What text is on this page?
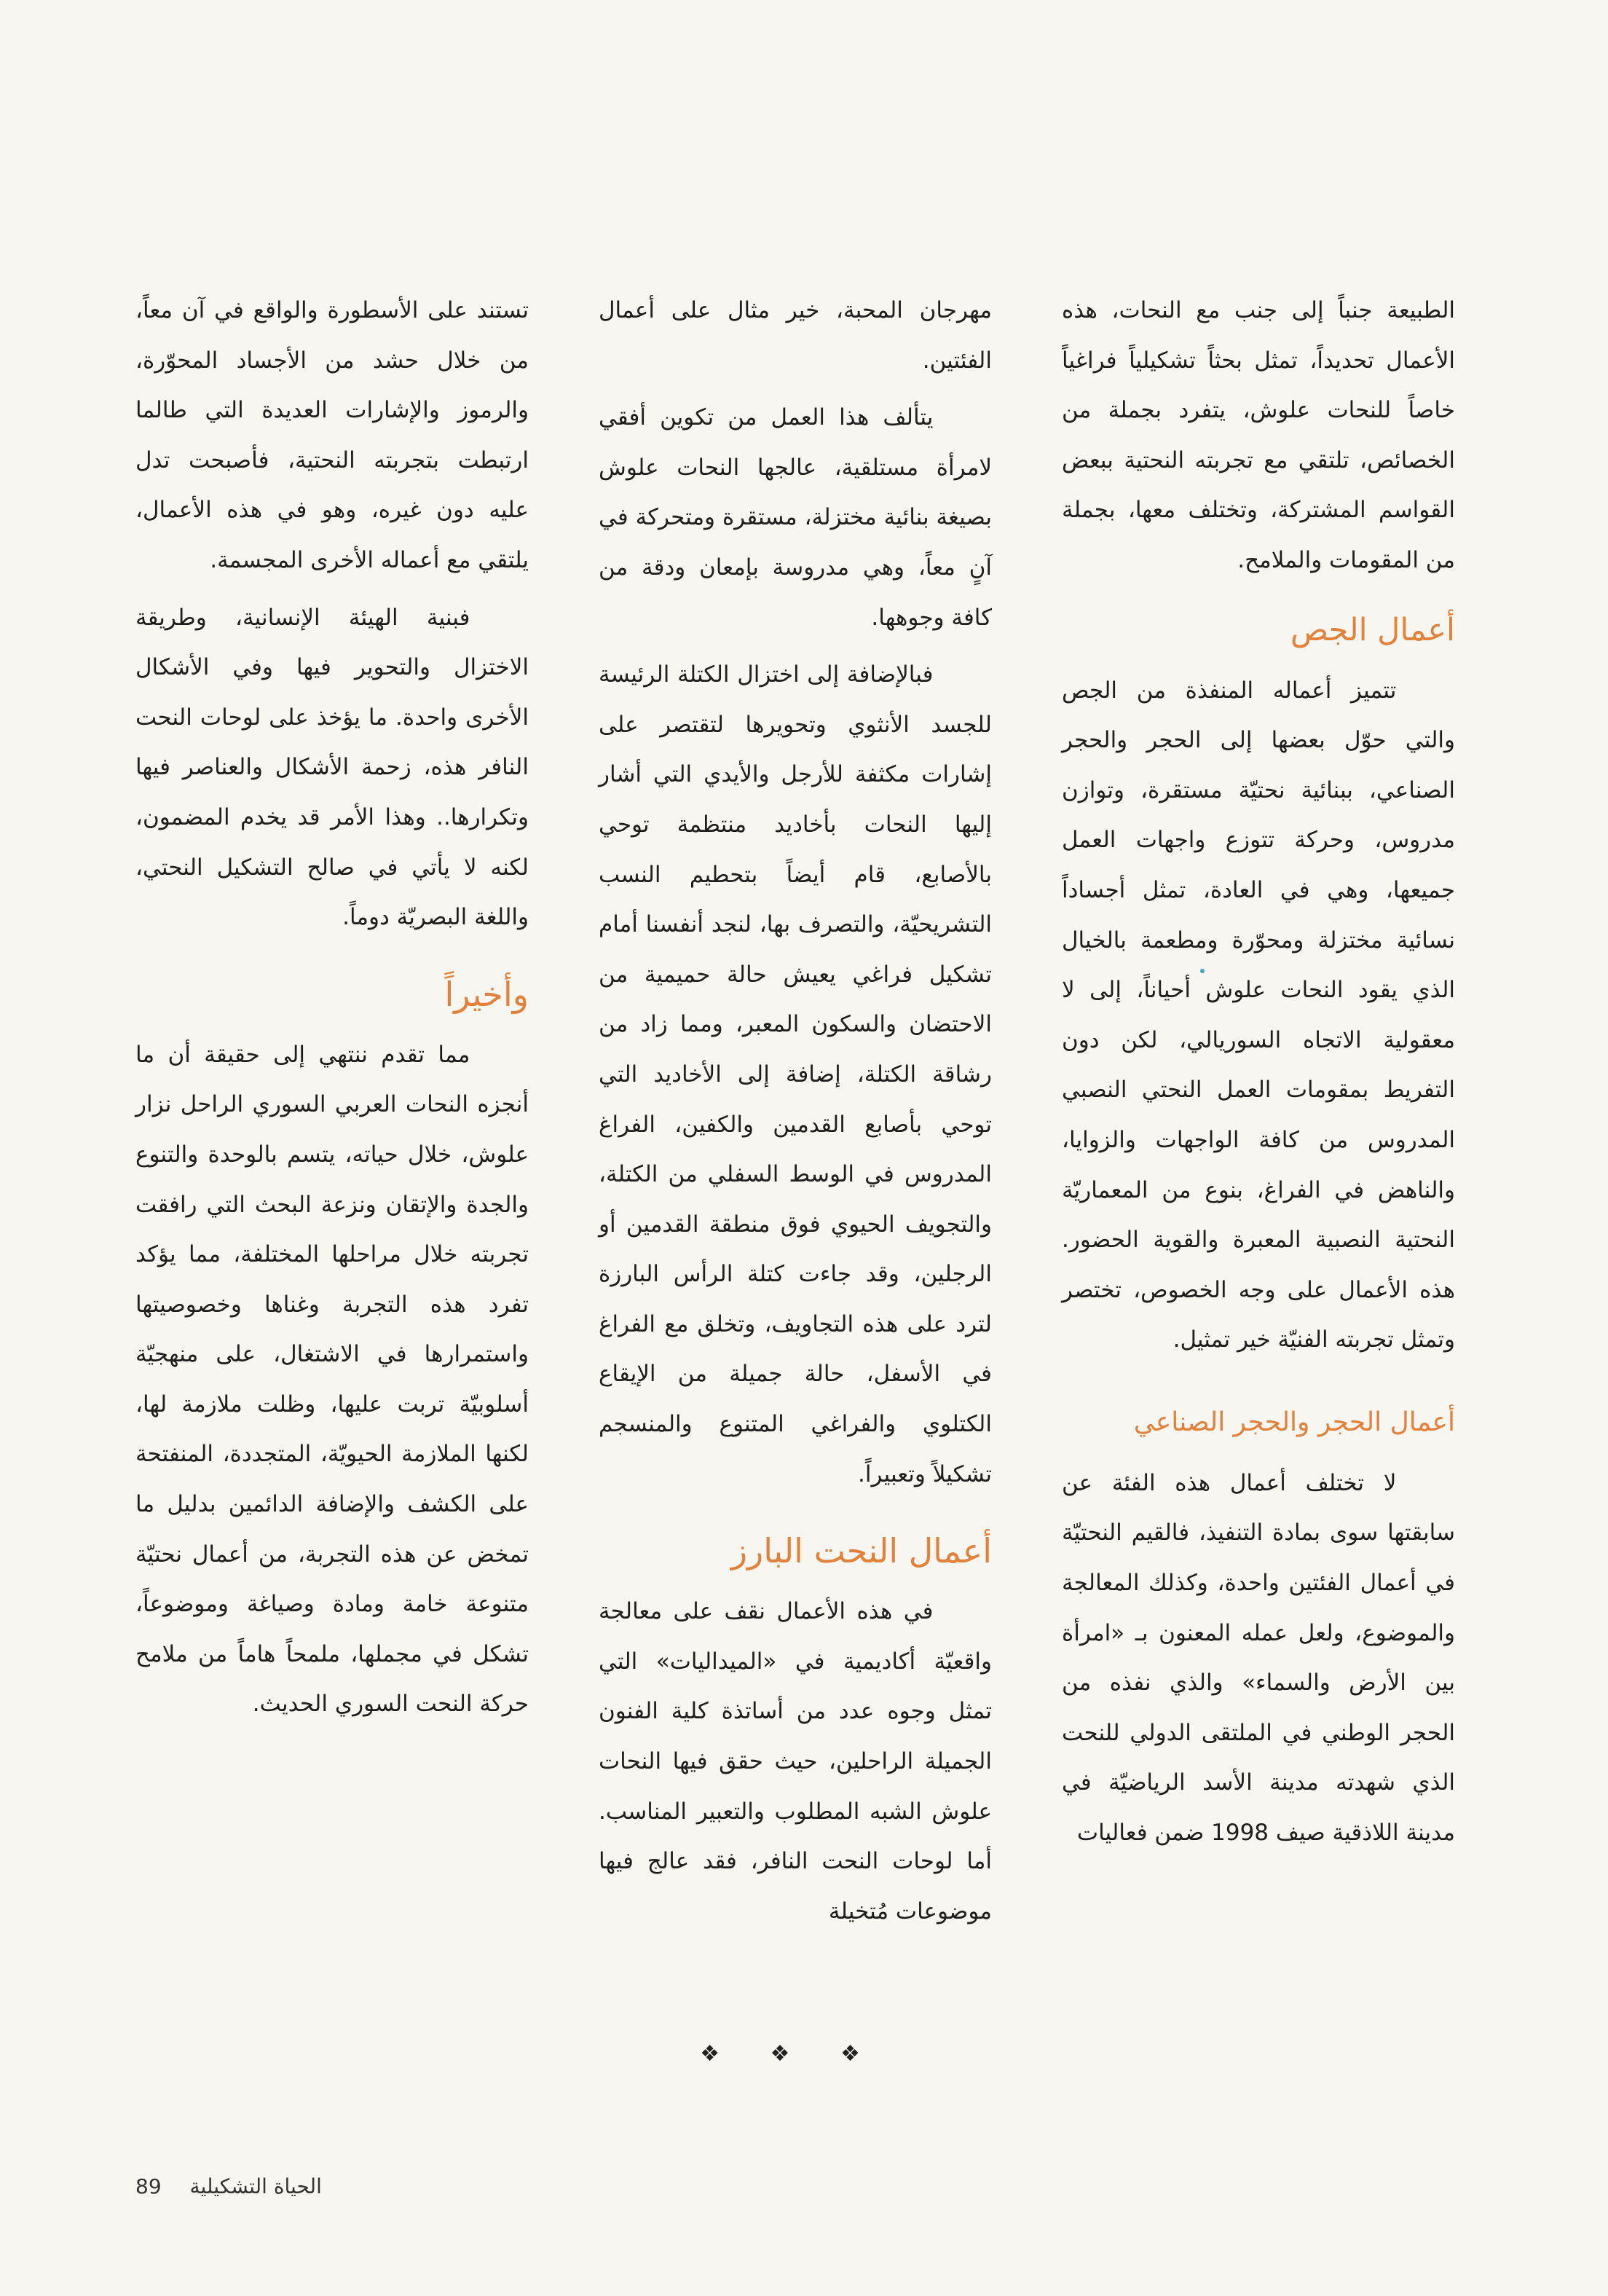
الطبيعة جنباً إلى جنب مع النحات، هذه الأعمال تحديداً، تمثل بحثاً تشكيلياً فراغياً خاصاً للنحات علوش، يتفرد بجملة من الخصائص، تلتقي مع تجربته النحتية ببعض القواسم المشتركة، وتختلف معها، بجملة من المقومات والملامح.

أعمال الجص

تتميز أعماله المنفذة من الجص والتي حوّل بعضها إلى الحجر والحجر الصناعي، ببنائية نحتيّة مستقرة، وتوازن مدروس، وحركة تتوزع واجهات العمل جميعها، وهي في العادة، تمثل أجساداً نسائية مختزلة ومحوّرة ومطعمة بالخيال الذي يقود النحات علوش أحياناً، إلى لا معقولية الاتجاه السوريالي، لكن دون التفريط بمقومات العمل النحتي النصبي المدروس من كافة الواجهات والزوايا، والناهض في الفراغ، بنوع من المعماريّة النحتية النصبية المعبرة والقوية الحضور. هذه الأعمال على وجه الخصوص، تختصر وتمثل تجربته الفنيّة خير تمثيل.

أعمال الحجر والحجر الصناعي

لا تختلف أعمال هذه الفئة عن سابقتها سوى بمادة التنفيذ، فالقيم النحتيّة في أعمال الفئتين واحدة، وكذلك المعالجة والموضوع، ولعل عمله المعنون بـ «امرأة بين الأرض والسماء» والذي نفذه من الحجر الوطني في الملتقى الدولي للنحت الذي شهدته مدينة الأسد الرياضيّة في مدينة اللاذقية صيف 1998 ضمن فعاليات

مهرجان المحبة، خير مثال على أعمال الفئتين.

يتألف هذا العمل من تكوين أفقي لامرأة مستلقية، عالجها النحات علوش بصيغة بنائية مختزلة، مستقرة ومتحركة في آنٍ معاً، وهي مدروسة بإمعان ودقة من كافة وجوهها.

فبالإضافة إلى اختزال الكتلة الرئيسة للجسد الأنثوي وتحويرها لتقتصر على إشارات مكثفة للأرجل والأيدي التي أشار إليها النحات بأخاديد منتظمة توحي بالأصابع، قام أيضاً بتحطيم النسب التشريحيّة، والتصرف بها، لنجد أنفسنا أمام تشكيل فراغي يعيش حالة حميمية من الاحتضان والسكون المعبر، ومما زاد من رشاقة الكتلة، إضافة إلى الأخاديد التي توحي بأصابع القدمين والكفين، الفراغ المدروس في الوسط السفلي من الكتلة، والتجويف الحيوي فوق منطقة القدمين أو الرجلين، وقد جاءت كتلة الرأس البارزة لترد على هذه التجاويف، وتخلق مع الفراغ في الأسفل، حالة جميلة من الإيقاع الكتلوي والفراغي المتنوع والمنسجم تشكيلاً وتعبيراً.

أعمال النحت البارز

في هذه الأعمال نقف على معالجة واقعيّة أكاديمية في «الميداليات» التي تمثل وجوه عدد من أساتذة كلية الفنون الجميلة الراحلين، حيث حقق فيها النحات علوش الشبه المطلوب والتعبير المناسب. أما لوحات النحت النافر، فقد عالج فيها موضوعات مُتخيلة

تستند على الأسطورة والواقع في آن معاً، من خلال حشد من الأجساد المحوّرة، والرموز والإشارات العديدة التي طالما ارتبطت بتجربته النحتية، فأصبحت تدل عليه دون غيره، وهو في هذه الأعمال، يلتقي مع أعماله الأخرى المجسمة.

فبنية الهيئة الإنسانية، وطريقة الاختزال والتحوير فيها وفي الأشكال الأخرى واحدة. ما يؤخذ على لوحات النحت النافر هذه، زحمة الأشكال والعناصر فيها وتكرارها.. وهذا الأمر قد يخدم المضمون، لكنه لا يأتي في صالح التشكيل النحتي، واللغة البصريّة دوماً.

وأخيراً

مما تقدم ننتهي إلى حقيقة أن ما أنجزه النحات العربي السوري الراحل نزار علوش، خلال حياته، يتسم بالوحدة والتنوع والجدة والإتقان ونزعة البحث التي رافقت تجربته خلال مراحلها المختلفة، مما يؤكد تفرد هذه التجربة وغناها وخصوصيتها واستمرارها في الاشتغال، على منهجيّة أسلوبيّة تربت عليها، وظلت ملازمة لها، لكنها الملازمة الحيويّة، المتجددة، المنفتحة على الكشف والإضافة الدائمين بدليل ما تمخض عن هذه التجربة، من أعمال نحتيّة متنوعة خامة ومادة وصياغة وموضوعاً، تشكل في مجملها، ملمحاً هاماً من ملامح حركة النحت السوري الحديث.

❖ ❖ ❖
الحياة التشكيلية 89
